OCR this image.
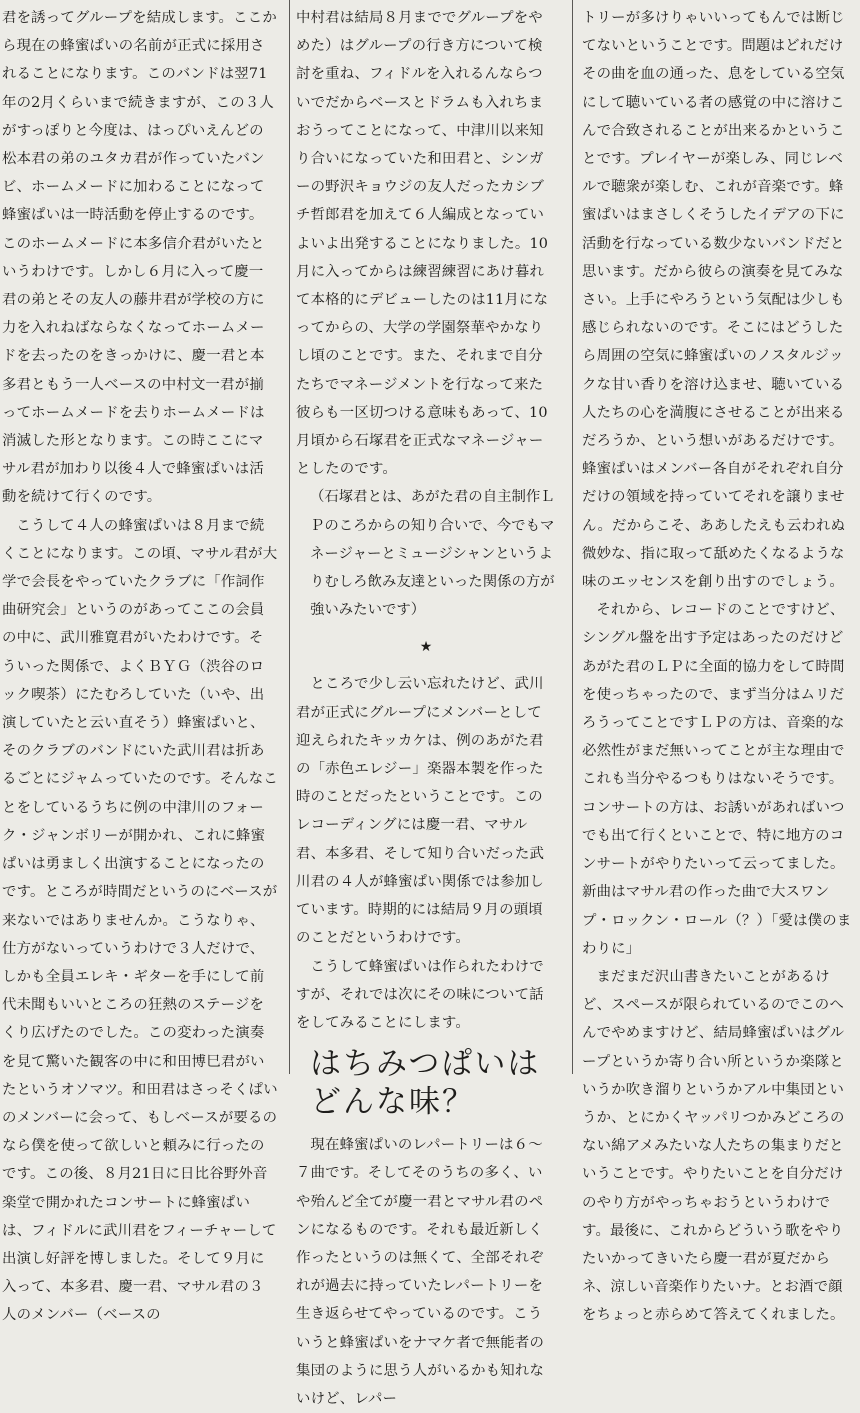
君を誘ってグループを結成します。ここから現在の蜂蜜ぱいの名前が正式に採用されることになります。このバンドは翌71年の2月くらいまで続きますが、この３人がすっぽりと今度は、はっぴいえんどの松本君の弟のユタカ君が作っていたバンビ、ホームメードに加わることになって蜂蜜ぱいは一時活動を停止するのです。このホームメードに本多信介君がいたというわけです。しかし６月に入って慶一君の弟とその友人の藤井君が学校の方に力を入れねばならなくなってホームメードを去ったのをきっかけに、慶一君と本多君ともう一人ベースの中村文一君が揃ってホームメードを去りホームメードは消滅した形となります。この時ここにマサル君が加わり以後４人で蜂蜜ぱいは活動を続けて行くのです。

こうして４人の蜂蜜ぱいは８月まで続くことになります。この頃、マサル君が大学で会長をやっていたクラブに「作詞作曲研究会」というのがあってここの会員の中に、武川雅寛君がいたわけです。そういった関係で、よくＢＹＧ（渋谷のロック喫茶）にたむろしていた（いや、出演していたと云い直そう）蜂蜜ぱいと、そのクラブのバンドにいた武川君は折あるごとにジャムっていたのです。そんなことをしているうちに例の中津川のフォーク・ジャンボリーが開かれ、これに蜂蜜ぱいは勇ましく出演することになったのです。ところが時間だというのにベースが来ないではありませんか。こうなりゃ、仕方がないっていうわけで３人だけで、しかも全員エレキ・ギターを手にして前代未聞もいいところの狂熱のステージをくり広げたのでした。この変わった演奏を見て驚いた観客の中に和田博巳君がいたというオソマツ。和田君はさっそくぱいのメンバーに会って、もしベースが要るのなら僕を使って欲しいと頼みに行ったのです。この後、８月21日に日比谷野外音楽堂で開かれたコンサートに蜂蜜ぱいは、フィドルに武川君をフィーチャーして出演し好評を博しました。そして９月に入って、本多君、慶一君、マサル君の３人のメンバー（ベースの

中村君は結局８月まででグループをやめた）はグループの行き方について検討を重ね、フィドルを入れるんならついでだからベースとドラムも入れちまおうってことになって、中津川以来知り合いになっていた和田君と、シンガーの野沢キョウジの友人だったカシブチ哲郎君を加えて６人編成となっていよいよ出発することになりました。10月に入ってからは練習練習にあけ暮れて本格的にデビューしたのは11月になってからの、大学の学園祭華やかなりし頃のことです。また、それまで自分たちでマネージメントを行なって来た彼らも一区切つける意味もあって、10月頃から石塚君を正式なマネージャーとしたのです。

（石塚君とは、あがた君の自主制作ＬＰのころからの知り合いで、今でもマネージャーとミュージシャンというよりむしろ飲み友達といった関係の方が強いみたいです）

★

ところで少し云い忘れたけど、武川君が正式にグループにメンバーとして迎えられたキッカケは、例のあがた君の「赤色エレジー」楽器本製を作った時のことだったということです。このレコーディングには慶一君、マサル君、本多君、そして知り合いだった武川君の４人が蜂蜜ぱい関係では参加しています。時期的には結局９月の頭頃のことだというわけです。

こうして蜂蜜ぱいは作られたわけですが、それでは次にその味について話をしてみることにします。

はちみつぱいは
どんな味？

現在蜂蜜ぱいのレパートリーは６〜７曲です。そしてそのうちの多く、いや殆んど全てが慶一君とマサル君のペンになるものです。それも最近新しく作ったというのは無くて、全部それぞれが過去に持っていたレパートリーを生き返らせてやっているのです。こういうと蜂蜜ぱいをナマケ者で無能者の集団のように思う人がいるかも知れないけど、レパー

トリーが多けりゃいいってもんでは断じてないということです。問題はどれだけその曲を血の通った、息をしている空気にして聴いている者の感覚の中に溶けこんで合致されることが出来るかということです。プレイヤーが楽しみ、同じレベルで聴衆が楽しむ、これが音楽です。蜂蜜ぱいはまさしくそうしたイデアの下に活動を行なっている数少ないバンドだと思います。だから彼らの演奏を見てみなさい。上手にやろうという気配は少しも感じられないのです。そこにはどうしたら周囲の空気に蜂蜜ぱいのノスタルジックな甘い香りを溶け込ませ、聴いている人たちの心を満腹にさせることが出来るだろうか、という想いがあるだけです。蜂蜜ぱいはメンバー各自がそれぞれ自分だけの領域を持っていてそれを譲りません。だからこそ、ああしたえも云われぬ微妙な、指に取って舐めたくなるような味のエッセンスを創り出すのでしょう。

それから、レコードのことですけど、シングル盤を出す予定はあったのだけどあがた君のＬＰに全面的協力をして時間を使っちゃったので、まず当分はムリだろうってことですＬＰの方は、音楽的な必然性がまだ無いってことが主な理由でこれも当分やるつもりはないそうです。コンサートの方は、お誘いがあればいつでも出て行くといことで、特に地方のコンサートがやりたいって云ってました。新曲はマサル君の作った曲で大スワンプ・ロックン・ロール（？）「愛は僕のまわりに」

まだまだ沢山書きたいことがあるけど、スペースが限られているのでこのへんでやめますけど、結局蜂蜜ぱいはグループというか寄り合い所というか楽隊というか吹き溜りというかアル中集団というか、とにかくヤッパリつかみどころのない綿アメみたいな人たちの集まりだということです。やりたいことを自分だけのやり方がやっちゃおうというわけです。最後に、これからどういう歌をやりたいかってきいたら慶一君が夏だからネ、涼しい音楽作りたいナ。とお酒で顔をちょっと赤らめて答えてくれました。
